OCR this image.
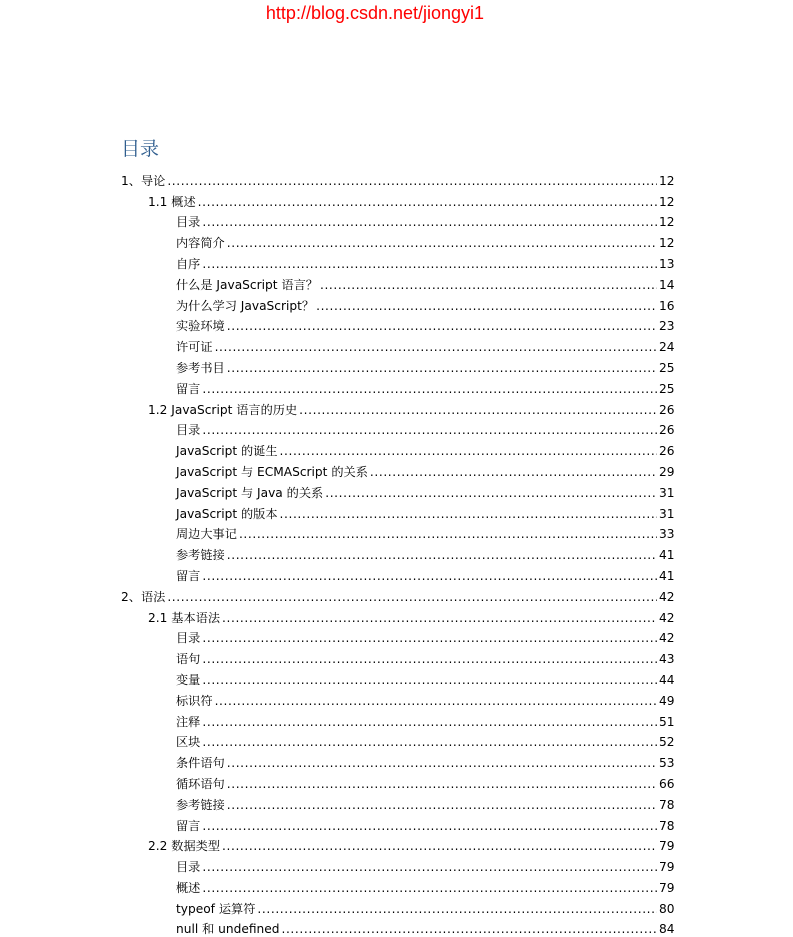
http://blog.csdn.net/jiongyi1
目录
1、导论 .....	12
1.1 概述 .....	12
目录 .....	12
内容简介 .....	12
自序 .....	13
什么是 JavaScript 语言？ .....	14
为什么学习 JavaScript？ .....	16
实验环境 .....	23
许可证 .....	24
参考书目 .....	25
留言 .....	25
1.2 JavaScript 语言的历史 .....	26
目录 .....	26
JavaScript 的诞生 .....	26
JavaScript 与 ECMAScript 的关系 .....	29
JavaScript 与 Java 的关系 .....	31
JavaScript 的版本 .....	31
周边大事记 .....	33
参考链接 .....	41
留言 .....	41
2、语法 .....	42
2.1 基本语法 .....	42
目录 .....	42
语句 .....	43
变量 .....	44
标识符 .....	49
注释 .....	51
区块 .....	52
条件语句 .....	53
循环语句 .....	66
参考链接 .....	78
留言 .....	78
2.2 数据类型 .....	79
目录 .....	79
概述 .....	79
typeof 运算符 .....	80
null 和 undefined .....	84
